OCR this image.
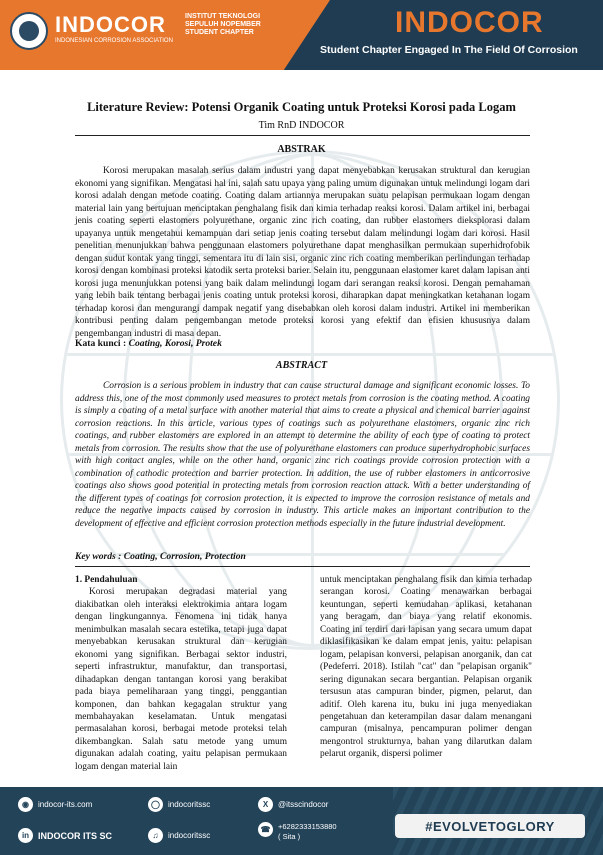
INDOCOR
INDONESIAN CORROSION ASSOCIATION
INSTITUT TEKNOLOGI SEPULUH NOPEMBER STUDENT CHAPTER	INDOCOR
Student Chapter Engaged In The Field Of Corrosion
Literature Review: Potensi Organik Coating untuk Proteksi Korosi pada Logam
Tim RnD INDOCOR
ABSTRAK

Korosi merupakan masalah serius dalam industri yang dapat menyebabkan kerusakan struktural dan kerugian ekonomi yang signifikan. Mengatasi hal ini, salah satu upaya yang paling umum digunakan untuk melindungi logam dari korosi adalah dengan metode coating. Coating dalam artiannya merupakan suatu pelapisan permukaan logam dengan material lain yang bertujuan menciptakan penghalang fisik dan kimia terhadap reaksi korosi. Dalam artikel ini, berbagai jenis coating seperti elastomers polyurethane, organic zinc rich coating, dan rubber elastomers dieksplorasi dalam upayanya untuk mengetahui kemampuan dari setiap jenis coating tersebut dalam melindungi logam dari korosi. Hasil penelitian menunjukkan bahwa penggunaan elastomers polyurethane dapat menghasilkan permukaan superhidrofobik dengan sudut kontak yang tinggi, sementara itu di lain sisi, organic zinc rich coating memberikan perlindungan terhadap korosi dengan kombinasi proteksi katodik serta proteksi barier. Selain itu, penggunaan elastomer karet dalam lapisan anti korosi juga menunjukkan potensi yang baik dalam melindungi logam dari serangan reaksi korosi. Dengan pemahaman yang lebih baik tentang berbagai jenis coating untuk proteksi korosi, diharapkan dapat meningkatkan ketahanan logam terhadap korosi dan mengurangi dampak negatif yang disebabkan oleh korosi dalam industri. Artikel ini memberikan kontribusi penting dalam pengembangan metode proteksi korosi yang efektif dan efisien khususnya dalam pengembangan industri di masa depan.

Kata kunci : Coating, Korosi, Protek
ABSTRACT

Corrosion is a serious problem in industry that can cause structural damage and significant economic losses. To address this, one of the most commonly used measures to protect metals from corrosion is the coating method. A coating is simply a coating of a metal surface with another material that aims to create a physical and chemical barrier against corrosion reactions. In this article, various types of coatings such as polyurethane elastomers, organic zinc rich coatings, and rubber elastomers are explored in an attempt to determine the ability of each type of coating to protect metals from corrosion. The results show that the use of polyurethane elastomers can produce superhydrophobic surfaces with high contact angles, while on the other hand, organic zinc rich coatings provide corrosion protection with a combination of cathodic protection and barrier protection. In addition, the use of rubber elastomers in anticorrosive coatings also shows good potential in protecting metals from corrosion reaction attack. With a better understanding of the different types of coatings for corrosion protection, it is expected to improve the corrosion resistance of metals and reduce the negative impacts caused by corrosion in industry. This article makes an important contribution to the development of effective and efficient corrosion protection methods especially in the future industrial development.

Key words : Coating, Corrosion, Protection
1. Pendahuluan
Korosi merupakan degradasi material yang diakibatkan oleh interaksi elektrokimia antara logam dengan lingkungannya. Fenomena ini tidak hanya menimbulkan masalah secara estetika, tetapi juga dapat menyebabkan kerusakan struktural dan kerugian ekonomi yang signifikan. Berbagai sektor industri, seperti infrastruktur, manufaktur, dan transportasi, dihadapkan dengan tantangan korosi yang berakibat pada biaya pemeliharaan yang tinggi, penggantian komponen, dan bahkan kegagalan struktur yang membahayakan keselamatan. Untuk mengatasi permasalahan korosi, berbagai metode proteksi telah dikembangkan. Salah satu metode yang umum digunakan adalah coating, yaitu pelapisan permukaan logam dengan material lain

untuk menciptakan penghalang fisik dan kimia terhadap serangan korosi. Coating menawarkan berbagai keuntungan, seperti kemudahan aplikasi, ketahanan yang beragam, dan biaya yang relatif ekonomis. Coating ini terdiri dari lapisan yang secara umum dapat diklasifikasikan ke dalam empat jenis, yaitu: pelapisan logam, pelapisan konversi, pelapisan anorganik, dan cat (Pedeferri. 2018). Istilah "cat" dan "pelapisan organik" sering digunakan secara bergantian. Pelapisan organik tersusun atas campuran binder, pigmen, pelarut, dan aditif. Oleh karena itu, buku ini juga menyediakan pengetahuan dan keterampilan dasar dalam menangani campuran (misalnya, pencampuran polimer dengan mengontrol strukturnya, bahan yang dilarutkan dalam pelarut organik, dispersi polimer

◉	indocor-its.com
in INDOCOR ITS SC
◯	indocoritssc
♫	indocoritssc
X	@itsscindocor
☎	+6282333153880
( Sita )
#EVOLVETOGLORY
